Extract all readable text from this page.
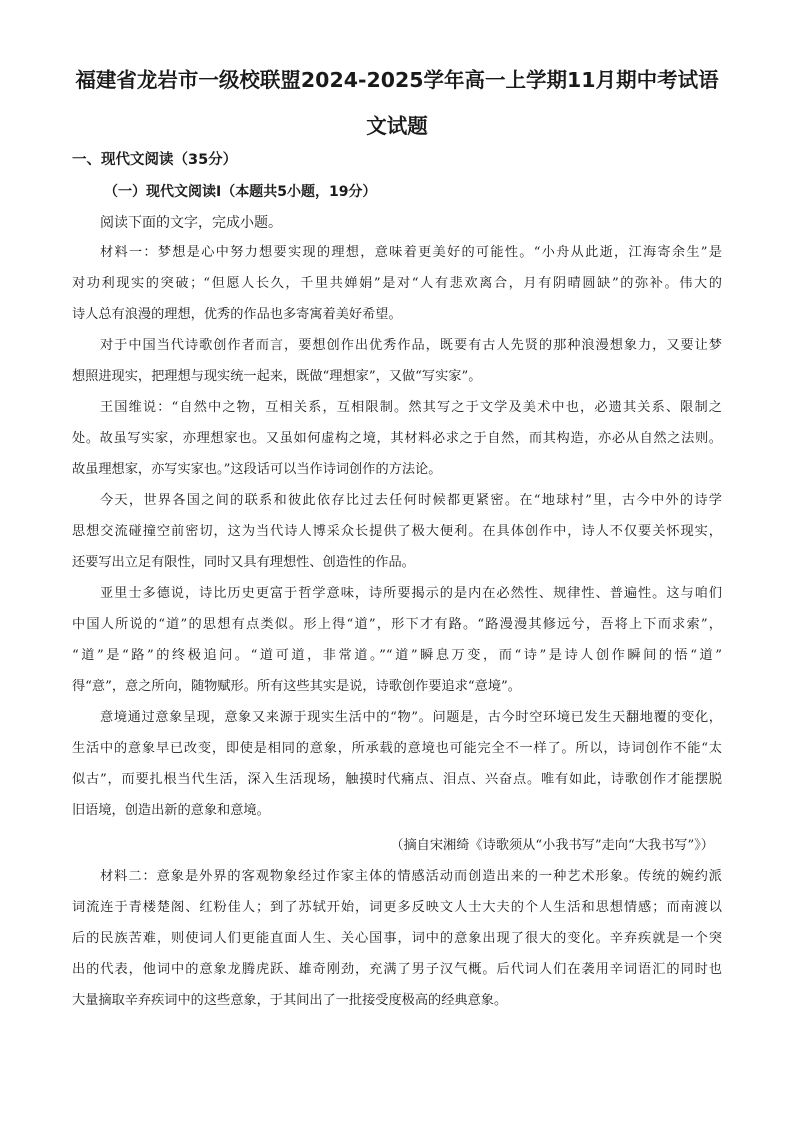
福建省龙岩市一级校联盟2024-2025学年高一上学期11月期中考试语
文试题
一、现代文阅读（35分）
（一）现代文阅读Ⅰ（本题共5小题，19分）
阅读下面的文字，完成小题。
材料一：梦想是心中努力想要实现的理想，意味着更美好的可能性。“小舟从此逝，江海寄余生”是
对功利现实的突破；“但愿人长久，千里共婵娟”是对“人有悲欢离合，月有阴晴圆缺”的弥补。伟大的
诗人总有浪漫的理想，优秀的作品也多寄寓着美好希望。
对于中国当代诗歌创作者而言，要想创作出优秀作品，既要有古人先贤的那种浪漫想象力，又要让梦
想照进现实，把理想与现实统一起来，既做“理想家”，又做“写实家”。
王国维说：“自然中之物，互相关系，互相限制。然其写之于文学及美术中也，必遗其关系、限制之
处。故虽写实家，亦理想家也。又虽如何虚构之境，其材料必求之于自然，而其构造，亦必从自然之法则。
故虽理想家，亦写实家也。”这段话可以当作诗词创作的方法论。
今天，世界各国之间的联系和彼此依存比过去任何时候都更紧密。在“地球村”里，古今中外的诗学
思想交流碰撞空前密切，这为当代诗人博采众长提供了极大便利。在具体创作中，诗人不仅要关怀现实，
还要写出立足有限性，同时又具有理想性、创造性的作品。
亚里士多德说，诗比历史更富于哲学意味，诗所要揭示的是内在必然性、规律性、普遍性。这与咱们
中国人所说的“道”的思想有点类似。形上得“道”，形下才有路。“路漫漫其修远兮，吾将上下而求索”，
“道”是“路”的终极追问。“道可道，非常道。”“道”瞬息万变，而“诗”是诗人创作瞬间的悟“道”
得“意”，意之所向，随物赋形。所有这些其实是说，诗歌创作要追求“意境”。
意境通过意象呈现，意象又来源于现实生活中的“物”。问题是，古今时空环境已发生天翻地覆的变化，
生活中的意象早已改变，即使是相同的意象，所承载的意境也可能完全不一样了。所以，诗词创作不能“太
似古”，而要扎根当代生活，深入生活现场，触摸时代痛点、泪点、兴奋点。唯有如此，诗歌创作才能摆脱
旧语境，创造出新的意象和意境。
（摘自宋湘绮《诗歌须从“小我书写”走向“大我书写”》）
材料二：意象是外界的客观物象经过作家主体的情感活动而创造出来的一种艺术形象。传统的婉约派
词流连于青楼楚阁、红粉佳人；到了苏轼开始，词更多反映文人士大夫的个人生活和思想情感；而南渡以
后的民族苦难，则使词人们更能直面人生、关心国事，词中的意象出现了很大的变化。辛弃疾就是一个突
出的代表，他词中的意象龙腾虎跃、雄奇刚劲，充满了男子汉气概。后代词人们在袭用辛词语汇的同时也
大量摘取辛弃疾词中的这些意象，于其间出了一批接受度极高的经典意象。
